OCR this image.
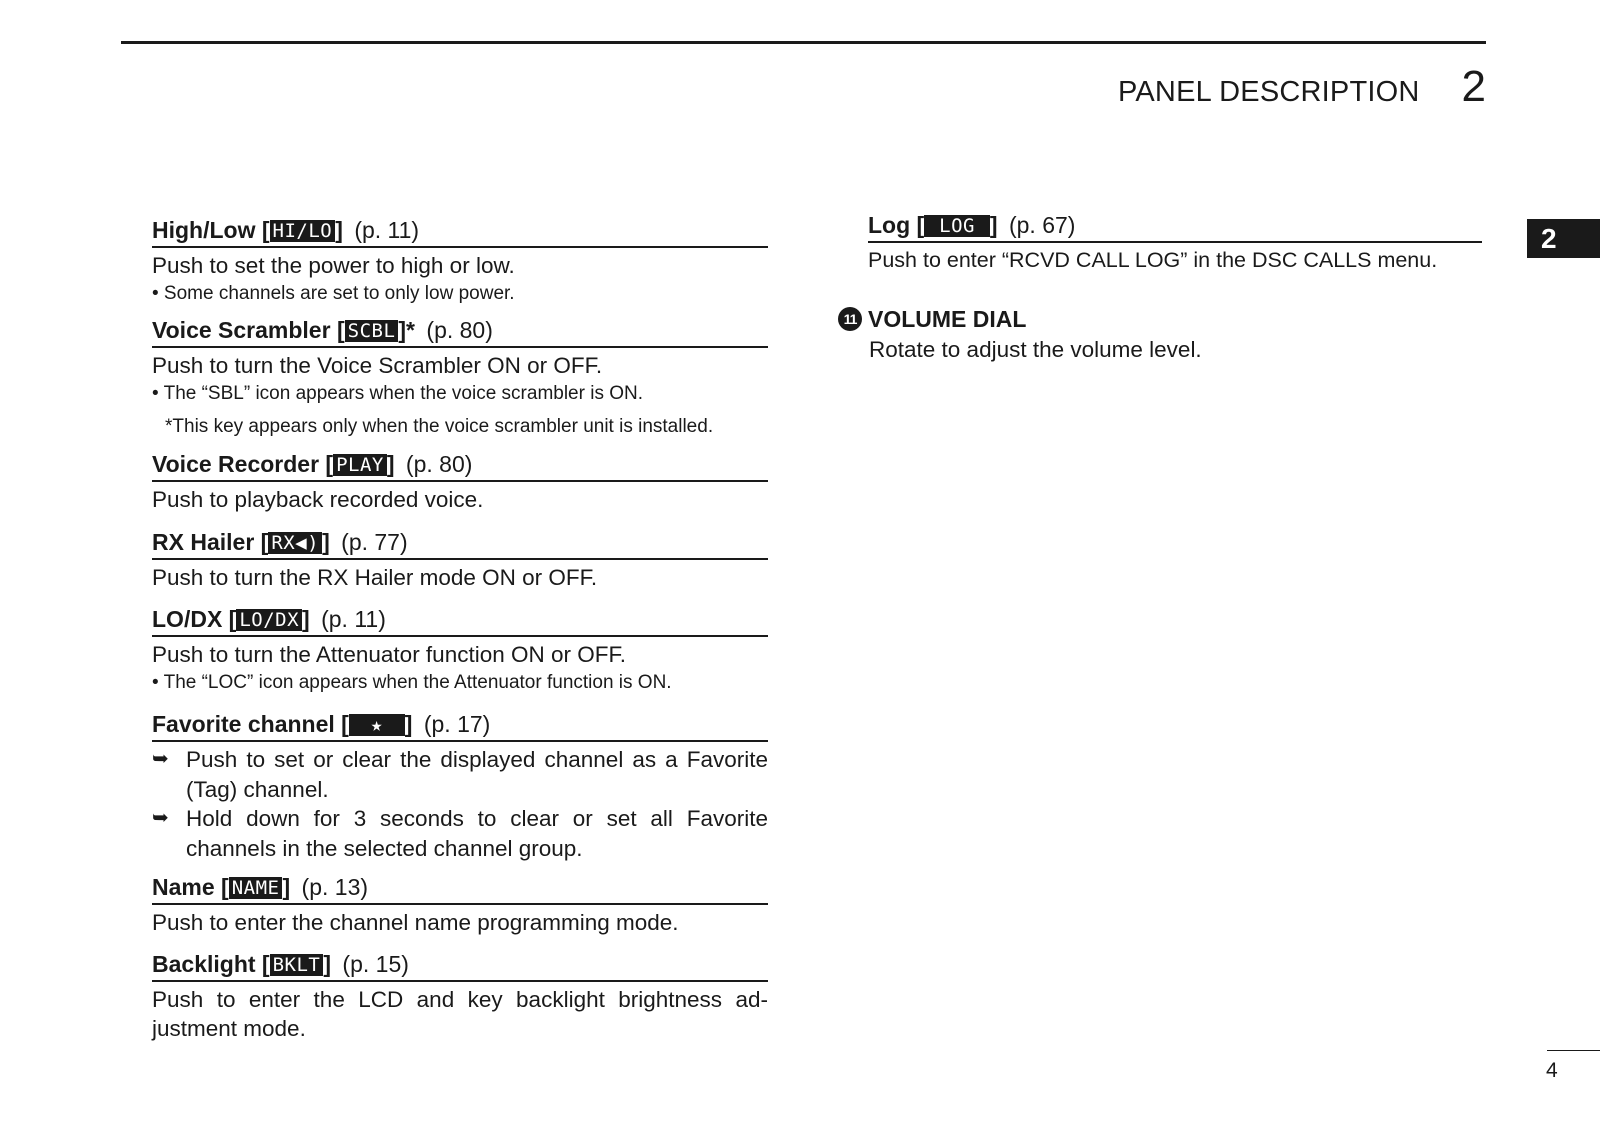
PANEL DESCRIPTION 2
2
High/Low [ HI/LO ] (p. 11)
Push to set the power to high or low.
• Some channels are set to only low power.
Voice Scrambler [ SCBL ]* (p. 80)
Push to turn the Voice Scrambler ON or OFF.
• The “SBL” icon appears when the voice scrambler is ON.
*This key appears only when the voice scrambler unit is installed.
Voice Recorder [ PLAY ] (p. 80)
Push to playback recorded voice.
RX Hailer [ RX◀) ] (p. 77)
Push to turn the RX Hailer mode ON or OFF.
LO/DX [ LO/DX ] (p. 11)
Push to turn the Attenuator function ON or OFF.
• The “LOC” icon appears when the Attenuator function is ON.
Favorite channel [ ★ ] (p. 17)
➥ Push to set or clear the displayed channel as a Favorite (Tag) channel.
➥ Hold down for 3 seconds to clear or set all Favorite channels in the selected channel group.
Name [ NAME ] (p. 13)
Push to enter the channel name programming mode.
Backlight [ BKLT ] (p. 15)
Push to enter the LCD and key backlight brightness ad-justment mode.
Log [ LOG ] (p. 67)
Push to enter “RCVD CALL LOG” in the DSC CALLS menu.
11 VOLUME DIAL
Rotate to adjust the volume level.
4
